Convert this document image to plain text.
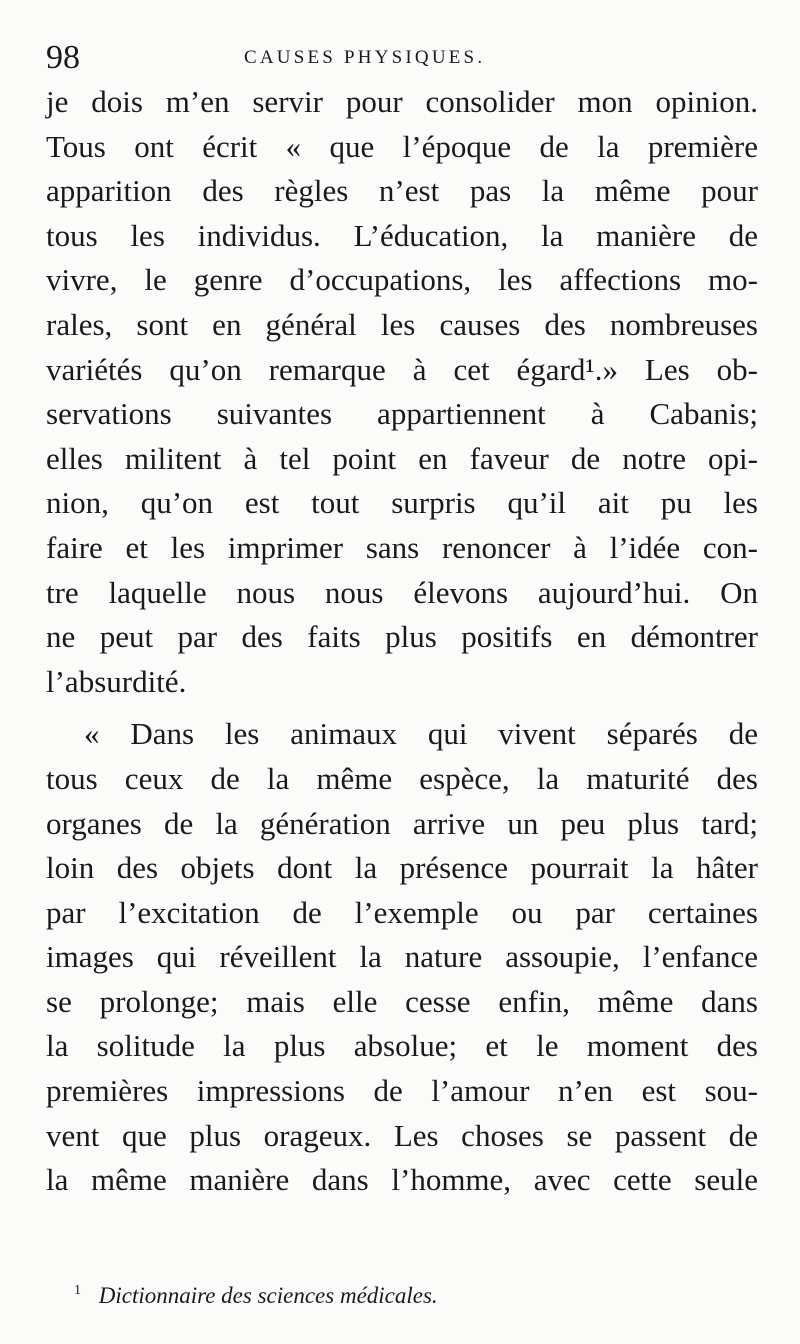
98	CAUSES PHYSIQUES.
je dois m’en servir pour consolider mon opinion.
Tous ont écrit « que l’époque de la première
apparition des règles n’est pas la même pour
tous les individus. L’éducation, la manière de
vivre, le genre d’occupations, les affections mo-
rales, sont en général les causes des nombreuses
variétés qu’on remarque à cet égard¹.» Les ob-
servations suivantes appartiennent à Cabanis;
elles militent à tel point en faveur de notre opi-
nion, qu’on est tout surpris qu’il ait pu les
faire et les imprimer sans renoncer à l’idée con-
tre laquelle nous nous élevons aujourd’hui. On
ne peut par des faits plus positifs en démontrer
l’absurdité.
« Dans les animaux qui vivent séparés de
tous ceux de la même espèce, la maturité des
organes de la génération arrive un peu plus tard;
loin des objets dont la présence pourrait la hâter
par l’excitation de l’exemple ou par certaines
images qui réveillent la nature assoupie, l’enfance
se prolonge; mais elle cesse enfin, même dans
la solitude la plus absolue; et le moment des
premières impressions de l’amour n’en est sou-
vent que plus orageux. Les choses se passent de
la même manière dans l’homme, avec cette seule
$^1$ Dictionnaire des sciences médicales.
